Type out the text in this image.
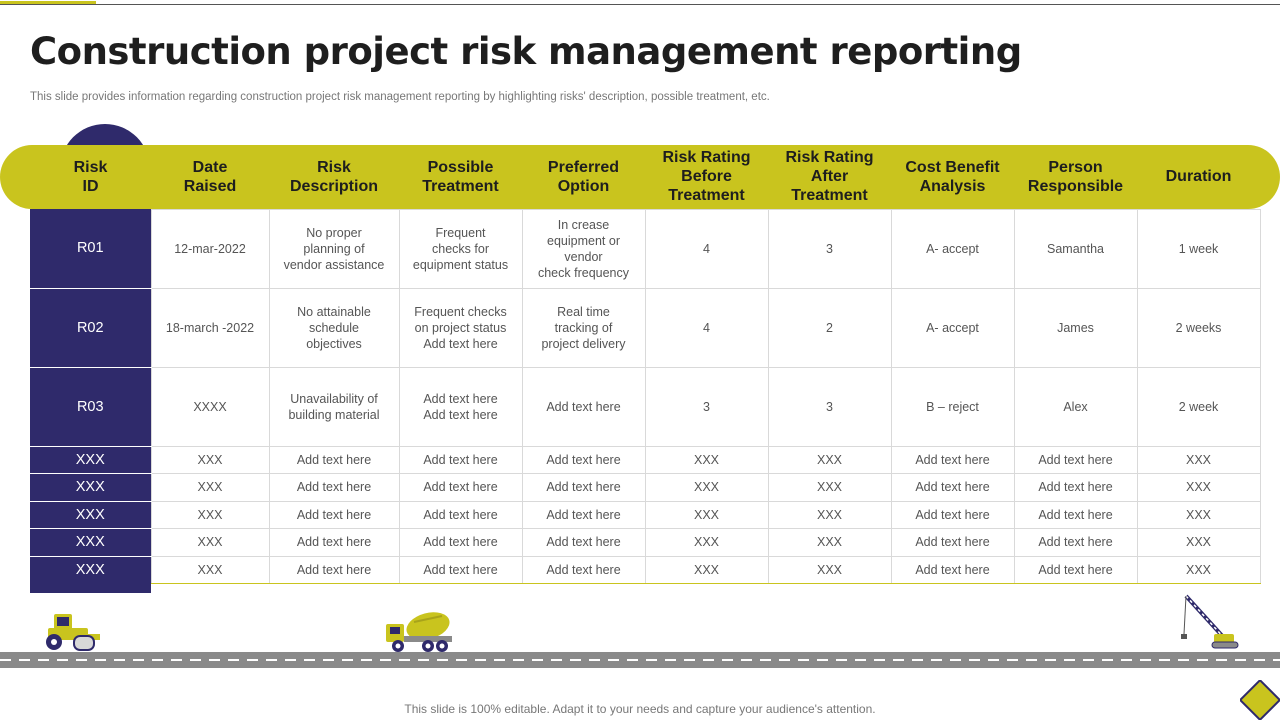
Construction project risk management reporting

This slide provides information regarding construction project risk management reporting by highlighting risks' description, possible treatment, etc.

Risk
ID	Date
Raised	Risk
Description	Possible
Treatment	Preferred
Option	Risk Rating
Before
Treatment	Risk Rating
After
Treatment	Cost Benefit
Analysis	Person
Responsible	Duration

R01	12-mar-2022	No proper
planning of
vendor assistance	Frequent
checks for
equipment status	In crease
equipment or
vendor
check frequency	4	3	A- accept	Samantha	1 week

R02	18-march -2022	No attainable
schedule
objectives	Frequent checks
on project status
Add text here	Real time
tracking of
project delivery	4	2	A- accept	James	2 weeks

R03	XXXX	Unavailability of
building material	Add text here
Add text here	Add text here	3	3	B – reject	Alex	2 week

XXX	XXX	Add text here	Add text here	Add text here	XXX	XXX	Add text here	Add text here	XXX

XXX	XXX	Add text here	Add text here	Add text here	XXX	XXX	Add text here	Add text here	XXX

XXX	XXX	Add text here	Add text here	Add text here	XXX	XXX	Add text here	Add text here	XXX

XXX	XXX	Add text here	Add text here	Add text here	XXX	XXX	Add text here	Add text here	XXX

XXX	XXX	Add text here	Add text here	Add text here	XXX	XXX	Add text here	Add text here	XXX

This slide is 100% editable. Adapt it to your needs and capture your audience's attention.
